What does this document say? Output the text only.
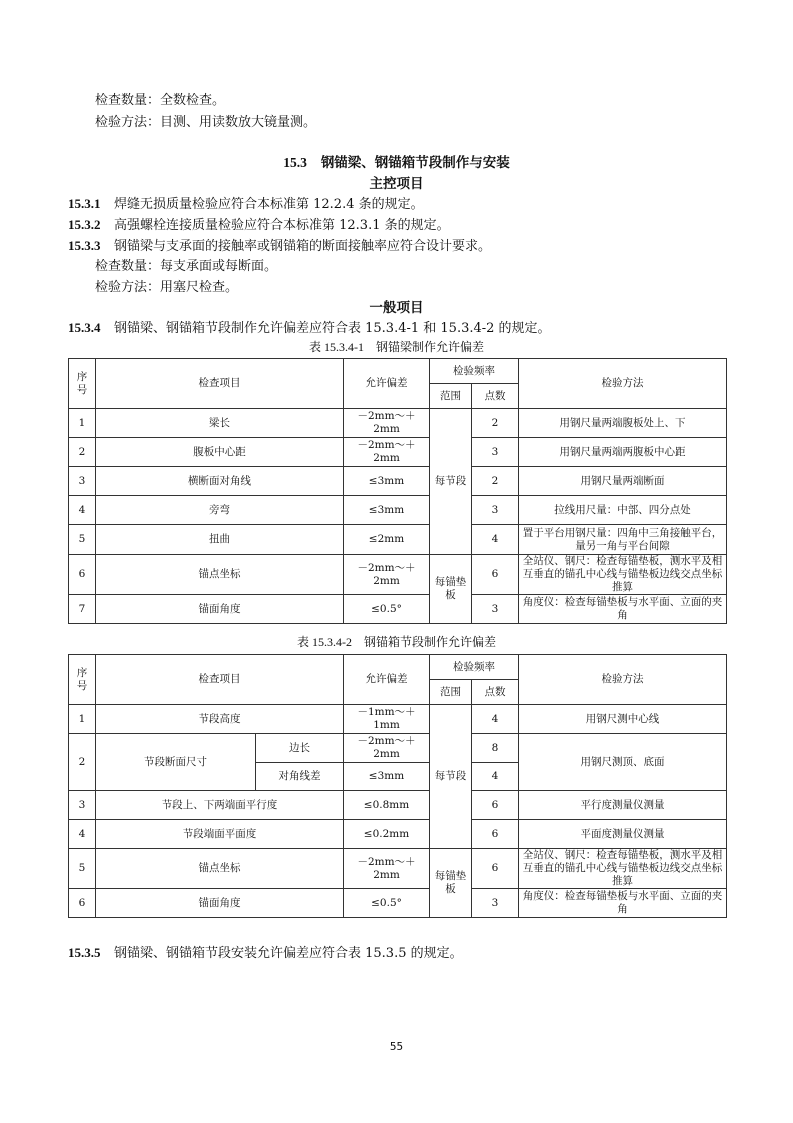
检查数量：全数检查。
检验方法：目测、用读数放大镜量测。
15.3 钢锚梁、钢锚箱节段制作与安装
主控项目
15.3.1 焊缝无损质量检验应符合本标准第 12.2.4 条的规定。
15.3.2 高强螺栓连接质量检验应符合本标准第 12.3.1 条的规定。
15.3.3 钢锚梁与支承面的接触率或钢锚箱的断面接触率应符合设计要求。
检查数量：每支承面或每断面。
检验方法：用塞尺检查。
一般项目
15.3.4 钢锚梁、钢锚箱节段制作允许偏差应符合表 15.3.4-1 和 15.3.4-2 的规定。
表 15.3.4-1 钢锚梁制作允许偏差
序号	检查项目	允许偏差	检验频率		检验方法
			范围	点数	
1	梁长	－2mm～＋2mm	每节段	2	用钢尺量两端腹板处上、下
2	腹板中心距	－2mm～＋2mm		3	用钢尺量两端两腹板中心距
3	横断面对角线	≤3mm		2	用钢尺量两端断面
4	旁弯	≤3mm		3	拉线用尺量：中部、四分点处
5	扭曲	≤2mm		4	置于平台用钢尺量：四角中三角接触平台，量另一角与平台间隙
6	锚点坐标	－2mm～＋2mm	每锚垫板	6	全站仪、钢尺：检查每锚垫板，测水平及相互垂直的锚孔中心线与锚垫板边线交点坐标推算
7	锚面角度	≤0.5°		3	角度仪：检查每锚垫板与水平面、立面的夹角
表 15.3.4-2 钢锚箱节段制作允许偏差
序号	检查项目		允许偏差	检验频率		检验方法
				范围	点数	
1	节段高度		－1mm～＋1mm	每节段	4	用钢尺测中心线
2	节段断面尺寸	边长	－2mm～＋2mm		8	用钢尺测顶、底面
		对角线差	≤3mm		4	
3	节段上、下两端面平行度		≤0.8mm		6	平行度测量仪测量
4	节段端面平面度		≤0.2mm		6	平面度测量仪测量
5	锚点坐标		－2mm～＋2mm	每锚垫板	6	全站仪、钢尺：检查每锚垫板，测水平及相互垂直的锚孔中心线与锚垫板边线交点坐标推算
6	锚面角度		≤0.5°		3	角度仪：检查每锚垫板与水平面、立面的夹角
15.3.5 钢锚梁、钢锚箱节段安装允许偏差应符合表 15.3.5 的规定。
55
